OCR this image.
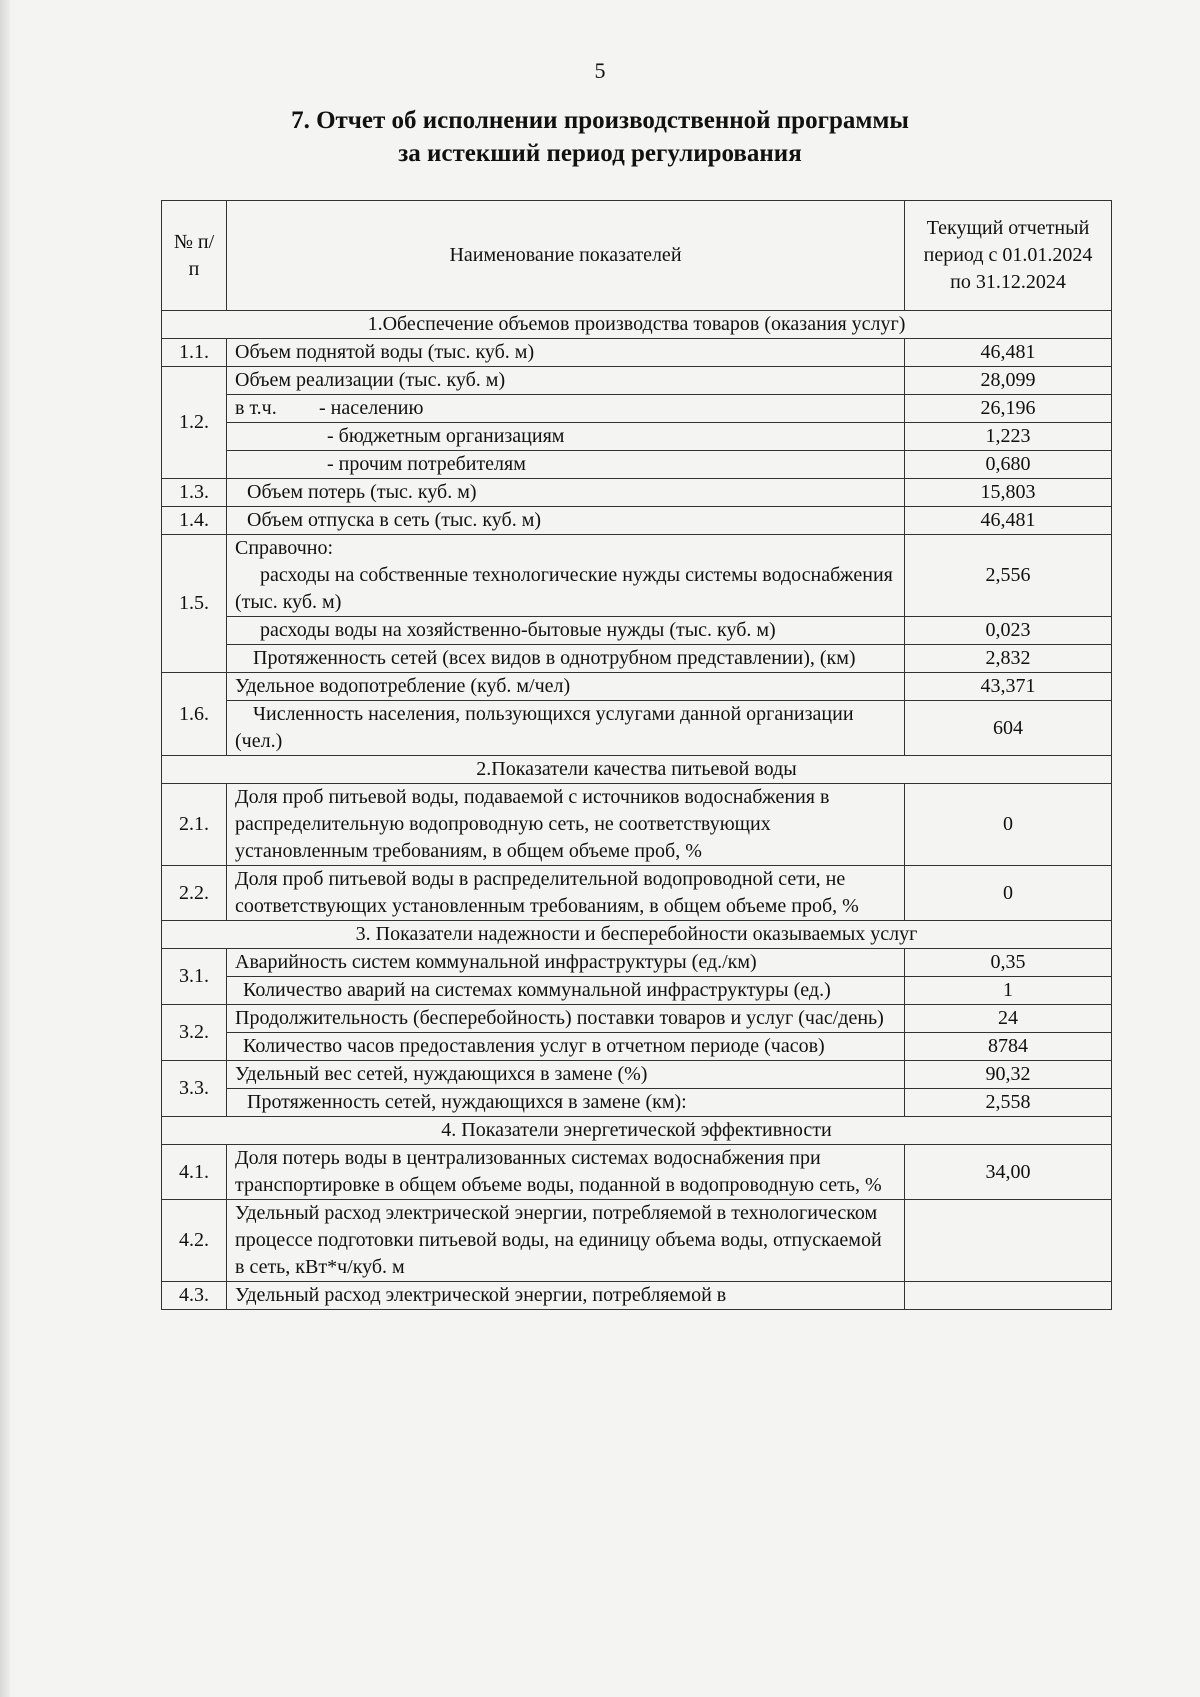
5
7. Отчет об исполнении производственной программы
за истекший период регулирования
№ п/п	Наименование показателей	Текущий отчетный период с 01.01.2024 по 31.12.2024
1.Обеспечение объемов производства товаров (оказания услуг)		
1.1.	Объем поднятой воды (тыс. куб. м)	46,481
1.2.	Объем реализации (тыс. куб. м)	28,099
	в т.ч. - населению	26,196
	- бюджетным организациям	1,223
	- прочим потребителям	0,680
1.3.	Объем потерь (тыс. куб. м)	15,803
1.4.	Объем отпуска в сеть (тыс. куб. м)	46,481
1.5.	Справочно:
расходы на собственные технологические нужды системы водоснабжения (тыс. куб. м)	2,556
	расходы воды на хозяйственно-бытовые нужды (тыс. куб. м)	0,023
	Протяженность сетей (всех видов в однотрубном представлении), (км)	2,832
1.6.	Удельное водопотребление (куб. м/чел)	43,371
	Численность населения, пользующихся услугами данной организации (чел.)	604
2.Показатели качества питьевой воды		
2.1.	Доля проб питьевой воды, подаваемой с источников водоснабжения в распределительную водопроводную сеть, не соответствующих установленным требованиям, в общем объеме проб, %	0
2.2.	Доля проб питьевой воды в распределительной водопроводной сети, не соответствующих установленным требованиям, в общем объеме проб, %	0
3. Показатели надежности и бесперебойности оказываемых услуг		
3.1.	Аварийность систем коммунальной инфраструктуры (ед./км)	0,35
	Количество аварий на системах коммунальной инфраструктуры (ед.)	1
3.2.	Продолжительность (бесперебойность) поставки товаров и услуг (час/день)	24
	Количество часов предоставления услуг в отчетном периоде (часов)	8784
3.3.	Удельный вес сетей, нуждающихся в замене (%)	90,32
	Протяженность сетей, нуждающихся в замене (км):	2,558
4. Показатели энергетической эффективности		
4.1.	Доля потерь воды в централизованных системах водоснабжения при транспортировке в общем объеме воды, поданной в водопроводную сеть, %	34,00
4.2.	Удельный расход электрической энергии, потребляемой в технологическом процессе подготовки питьевой воды, на единицу объема воды, отпускаемой в сеть, кВт*ч/куб. м	
4.3.	Удельный расход электрической энергии, потребляемой в	
